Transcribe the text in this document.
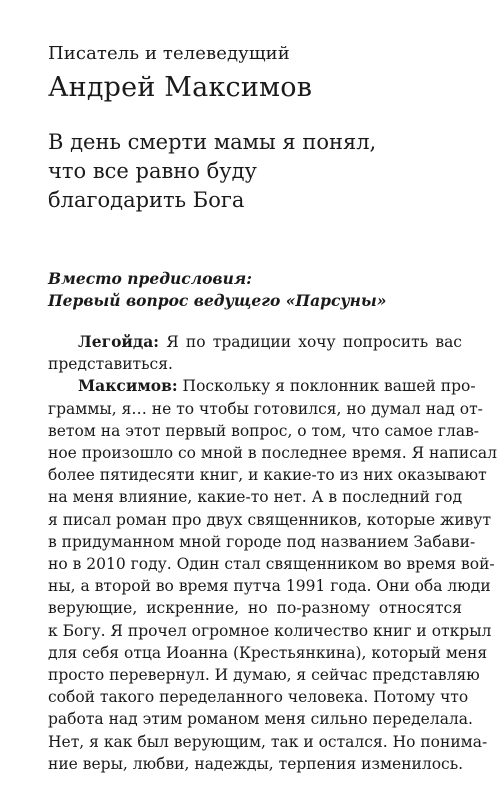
Писатель и телеведущий
Андрей Максимов
В день смерти мамы я понял,
что все равно буду
благодарить Бога
Вместо предисловия:
Первый вопрос ведущего «Парсуны»
Легойда: Я по традиции хочу попросить вас
представиться.
Максимов: Поскольку я поклонник вашей про-
граммы, я… не то чтобы готовился, но думал над от-
ветом на этот первый вопрос, о том, что самое глав-
ное произошло со мной в последнее время. Я написал
более пятидесяти книг, и какие-то из них оказывают
на меня влияние, какие-то нет. А в последний год
я писал роман про двух священников, которые живут
в придуманном мной городе под названием Забави-
но в 2010 году. Один стал священником во время вой-
ны, а второй во время путча 1991 года. Они оба люди
верующие, искренние, но по-разному относятся
к Богу. Я прочел огромное количество книг и открыл
для себя отца Иоанна (Крестьянкина), который меня
просто перевернул. И думаю, я сейчас представляю
собой такого переделанного человека. Потому что
работа над этим романом меня сильно переделала.
Нет, я как был верующим, так и остался. Но понима-
ние веры, любви, надежды, терпения изменилось.
